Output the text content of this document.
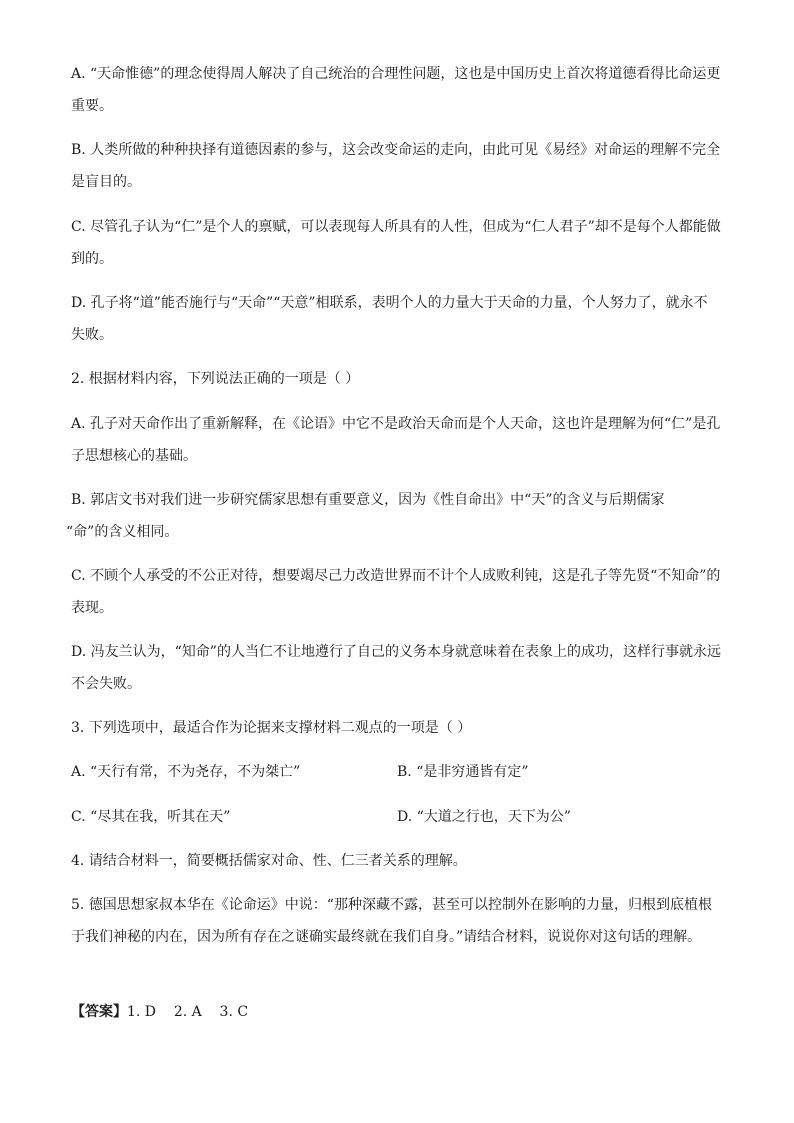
A. “天命惟德”的理念使得周人解决了自己统治的合理性问题，这也是中国历史上首次将道德看得比命运更重要。

B. 人类所做的种种抉择有道德因素的参与，这会改变命运的走向，由此可见《易经》对命运的理解不完全是盲目的。

C. 尽管孔子认为“仁”是个人的禀赋，可以表现每人所具有的人性，但成为“仁人君子”却不是每个人都能做到的。

D. 孔子将“道”能否施行与“天命”“天意”相联系，表明个人的力量大于天命的力量，个人努力了，就永不失败。

2. 根据材料内容，下列说法正确的一项是（ ）

A. 孔子对天命作出了重新解释，在《论语》中它不是政治天命而是个人天命，这也许是理解为何“仁”是孔子思想核心的基础。

B. 郭店文书对我们进一步研究儒家思想有重要意义，因为《性自命出》中“天”的含义与后期儒家

“命”的含义相同。

C. 不顾个人承受的不公正对待，想要竭尽己力改造世界而不计个人成败利钝，这是孔子等先贤“不知命”的表现。

D. 冯友兰认为，“知命”的人当仁不让地遵行了自己的义务本身就意味着在表象上的成功，这样行事就永远不会失败。

3. 下列选项中，最适合作为论据来支撑材料二观点的一项是（ ）

A. “天行有常，不为尧存，不为桀亡”	B. “是非穷通皆有定”

C. “尽其在我，听其在天”	D. “大道之行也，天下为公”

4. 请结合材料一，简要概括儒家对命、性、仁三者关系的理解。

5. 德国思想家叔本华在《论命运》中说：“那种深藏不露，甚至可以控制外在影响的力量，归根到底植根于我们神秘的内在，因为所有存在之谜确实最终就在我们自身。”请结合材料，说说你对这句话的理解。

【答案】1. D    2. A    3. C
